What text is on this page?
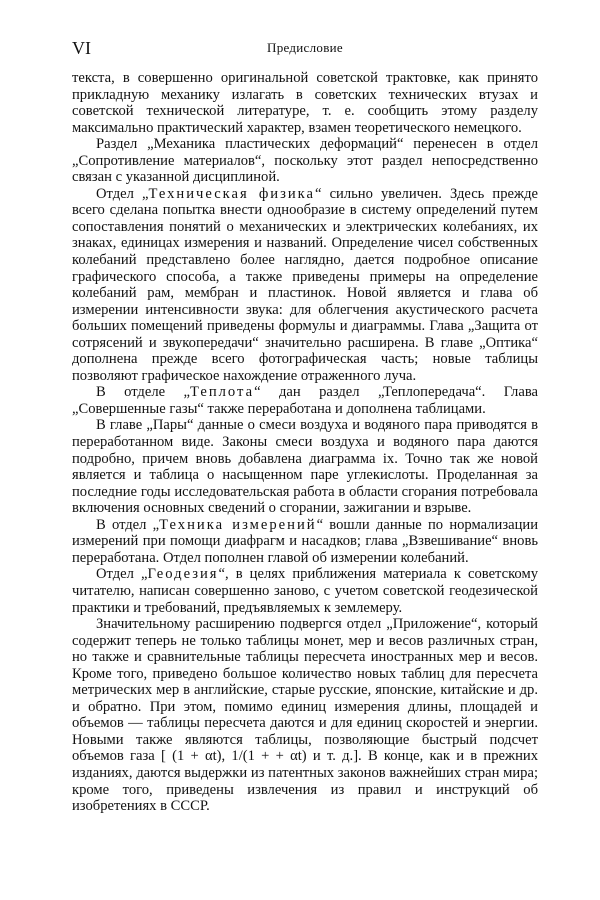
VI	Предисловие

текста, в совершенно оригинальной советской трактовке, как принято прикладную механику излагать в советских технических втузах и советской технической литературе, т. е. сообщить этому разделу максимально практический характер, взамен теоретического немецкого.

Раздел „Механика пластических деформаций“ перенесен в отдел „Сопротивление материалов“, поскольку этот раздел непосредственно связан с указанной дисциплиной.

Отдел „Техническая физика“ сильно увеличен. Здесь прежде всего сделана попытка внести однообразие в систему определений путем сопоставления понятий о механических и электрических колебаниях, их знаках, единицах измерения и названий. Определение чисел собственных колебаний представлено более наглядно, дается подробное описание графического способа, а также приведены примеры на определение колебаний рам, мембран и пластинок. Новой является и глава об измерении интенсивности звука: для облегчения акустического расчета больших помещений приведены формулы и диаграммы. Глава „Защита от сотрясений и звукопередачи“ значительно расширена. В главе „Оптика“ дополнена прежде всего фотографическая часть; новые таблицы позволяют графическое нахождение отраженного луча.

В отделе „Теплота“ дан раздел „Теплопередача“. Глава „Совершенные газы“ также переработана и дополнена таблицами.

В главе „Пары“ данные о смеси воздуха и водяного пара приводятся в переработанном виде. Законы смеси воздуха и водяного пара даются подробно, причем вновь добавлена диаграмма ix. Точно так же новой является и таблица о насыщенном паре углекислоты. Проделанная за последние годы исследовательская работа в области сгорания потребовала включения основных сведений о сгорании, зажигании и взрыве.

В отдел „Техника измерений“ вошли данные по нормализации измерений при помощи диафрагм и насадков; глава „Взвешивание“ вновь переработана. Отдел пополнен главой об измерении колебаний.

Отдел „Геодезия“, в целях приближения материала к советскому читателю, написан совершенно заново, с учетом советской геодезической практики и требований, предъявляемых к землемеру.

Значительному расширению подвергся отдел „Приложение“, который содержит теперь не только таблицы монет, мер и весов различных стран, но также и сравнительные таблицы пересчета иностранных мер и весов. Кроме того, приведено большое количество новых таблиц для пересчета метрических мер в английские, старые русские, японские, китайские и др. и обратно. При этом, помимо единиц измерения длины, площадей и объемов — таблицы пересчета даются и для единиц скоростей и энергии. Новыми также являются таблицы, позволяющие быстрый подсчет объемов газа [ (1 + αt), 1/(1 + + αt) и т. д.]. В конце, как и в прежних изданиях, даются выдержки из патентных законов важнейших стран мира; кроме того, приведены извлечения из правил и инструкций об изобретениях в СССР.
